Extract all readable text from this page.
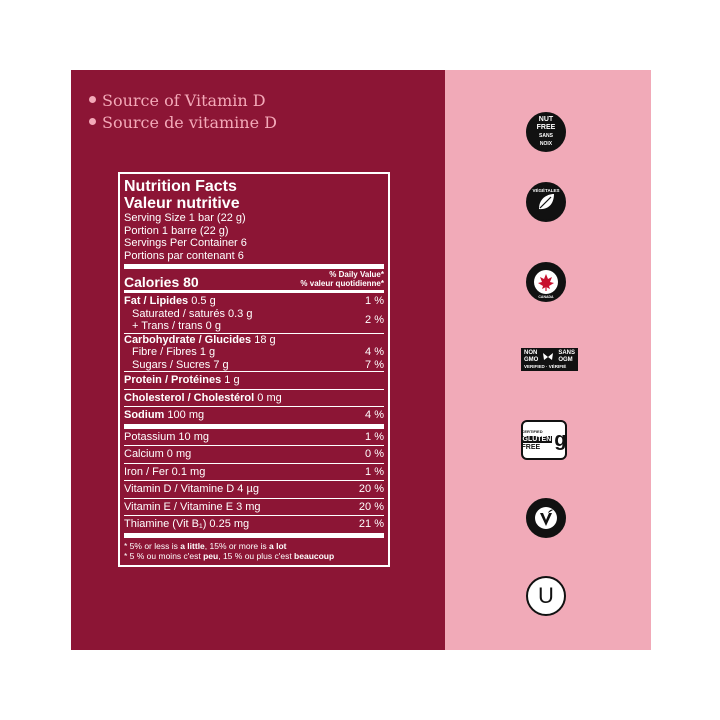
Source of Vitamin D
Source de vitamine D
Nutrition Facts
Valeur nutritive
Serving Size 1 bar (22 g)
Portion 1 barre (22 g)
Servings Per Container 6
Portions par contenant 6
Calories 80	% Daily Value*
% valeur quotidienne*
Fat / Lipides 0.5 g	1 %
Saturated / saturés 0.3 g
+ Trans / trans 0 g	2 %
Carbohydrate / Glucides 18 g
Fibre / Fibres 1 g	4 %
Sugars / Sucres 7 g	7 %
Protein / Protéines 1 g
Cholesterol / Cholestérol 0 mg
Sodium 100 mg	4 %
Potassium 10 mg	1 %
Calcium 0 mg	0 %
Iron / Fer 0.1 mg	1 %
Vitamin D / Vitamine D 4 µg	20 %
Vitamin E / Vitamine E 3 mg	20 %
Thiamine (Vit B₁) 0.25 mg	21 %
* 5% or less is a little, 15% or more is a lot
* 5 % ou moins c'est peu, 15 % ou plus c'est beaucoup
NUT
FREE
SANS
NOIX
VÉGÉTALES
CANADA
NON
GMO
SANS
OGM
VERIFIED · VÉRIFIÉ
CERTIFIED
GLUTEN
FREE g
U
